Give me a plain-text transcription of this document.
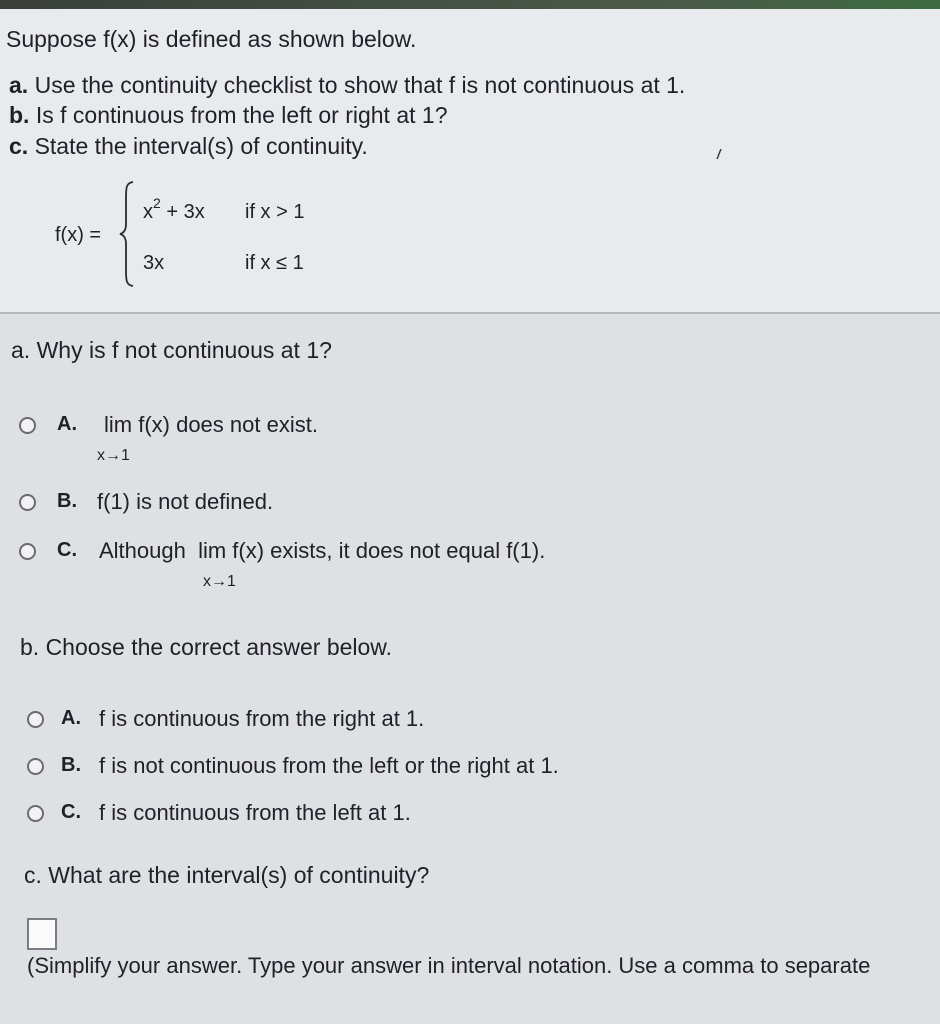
Suppose f(x) is defined as shown below.
a. Use the continuity checklist to show that f is not continuous at 1.
b. Is f continuous from the left or right at 1?
c. State the interval(s) of continuity.
f(x) =
$x^2 + 3x$ if x > 1
3x	if x ≤ 1
a. Why is f not continuous at 1?
A. lim f(x) does not exist.
x→1
B. f(1) is not defined.
C. Although  lim f(x) exists, it does not equal f(1).
x→1
b. Choose the correct answer below.
A. f is continuous from the right at 1.
B. f is not continuous from the left or the right at 1.
C. f is continuous from the left at 1.
c. What are the interval(s) of continuity?
(Simplify your answer. Type your answer in interval notation. Use a comma to separate
